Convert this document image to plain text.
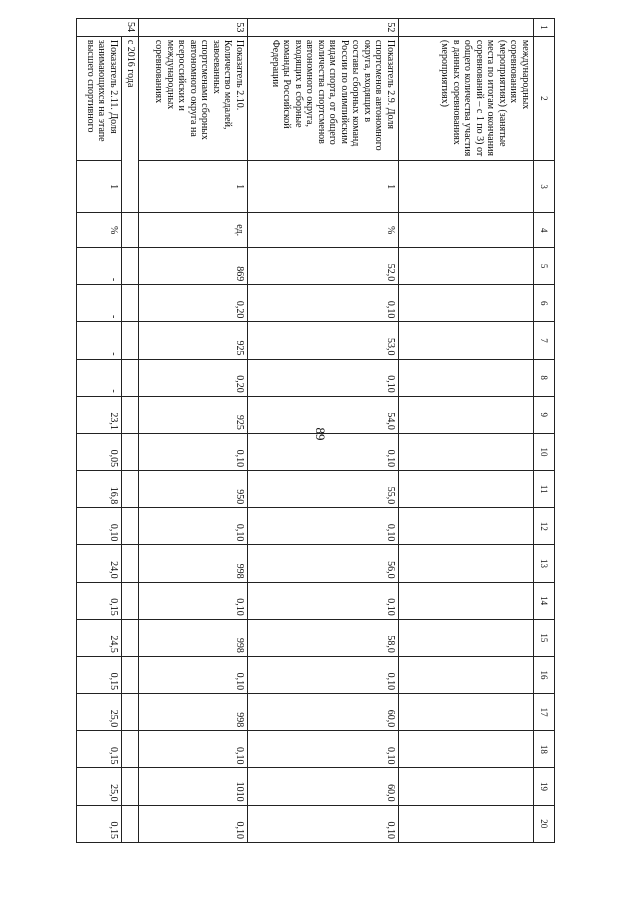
89
1	2	3	4	5	6	7	8	9	10	11	12	13	14	15	16	17	18	19	20
	международных соревнованиях (мероприятиях) (занятые места по итогам окончания соревнований – с 1 по 3) от общего количества участия в данных соревнованиях (мероприятиях)																		
52	Показатель 2.9. Доля спортсменов автономного округа, входящих в составы сборных команд России по олимпийским видам спорта, от общего количества спортсменов автономного округа, входящих в сборные команды Российской Федерации	1	%	52,0	0,10	53,0	0,10	54,0	0,10	55,0	0,10	56,0	0,10	58,0	0,10	60,0	0,10	60,0	0,10
53	Показатель 2.10. Количество медалей, завоеванных спортсменами сборных автономного округа на всероссийских и международных соревнованиях	1	ед.	869	0,20	925	0,20	925	0,10	950	0,10	998	0,10	998	0,10	998	0,10	1010	0,10
54	с 2016 года																		
	Показатель 2.11. Доля занимающихся на этапе высшего спортивного	1	%	-	-	-	-	23,1	0,05	16,8	0,10	24,0	0,15	24,5	0,15	25,0	0,15	25,0	0,15
